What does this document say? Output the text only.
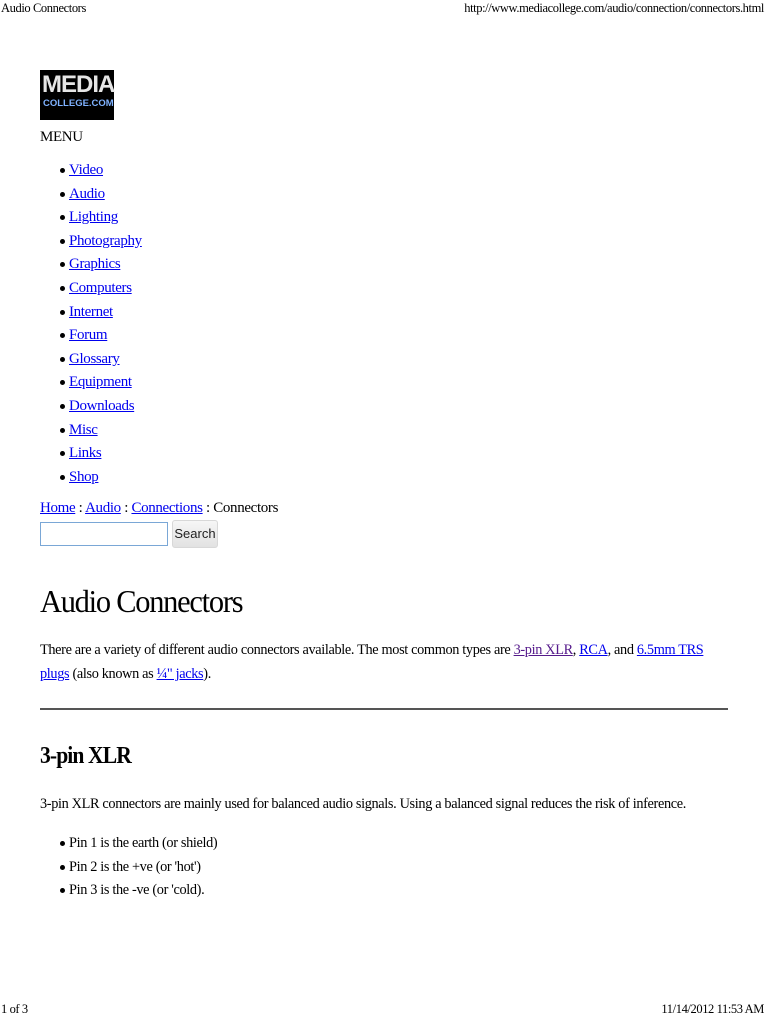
Audio Connectors	http://www.mediacollege.com/audio/connection/connectors.html
MEDIA
COLLEGE.COM
MENU
Video
Audio
Lighting
Photography
Graphics
Computers
Internet
Forum
Glossary
Equipment
Downloads
Misc
Links
Shop
Home : Audio : Connections : Connectors
Search
Audio Connectors
There are a variety of different audio connectors available. The most common types are 3-pin XLR, RCA, and 6.5mm TRS plugs (also known as ¼" jacks).
3-pin XLR
3-pin XLR connectors are mainly used for balanced audio signals. Using a balanced signal reduces the risk of inference.
Pin 1 is the earth (or shield)
Pin 2 is the +ve (or 'hot')
Pin 3 is the -ve (or 'cold).
1 of 3	11/14/2012 11:53 AM
